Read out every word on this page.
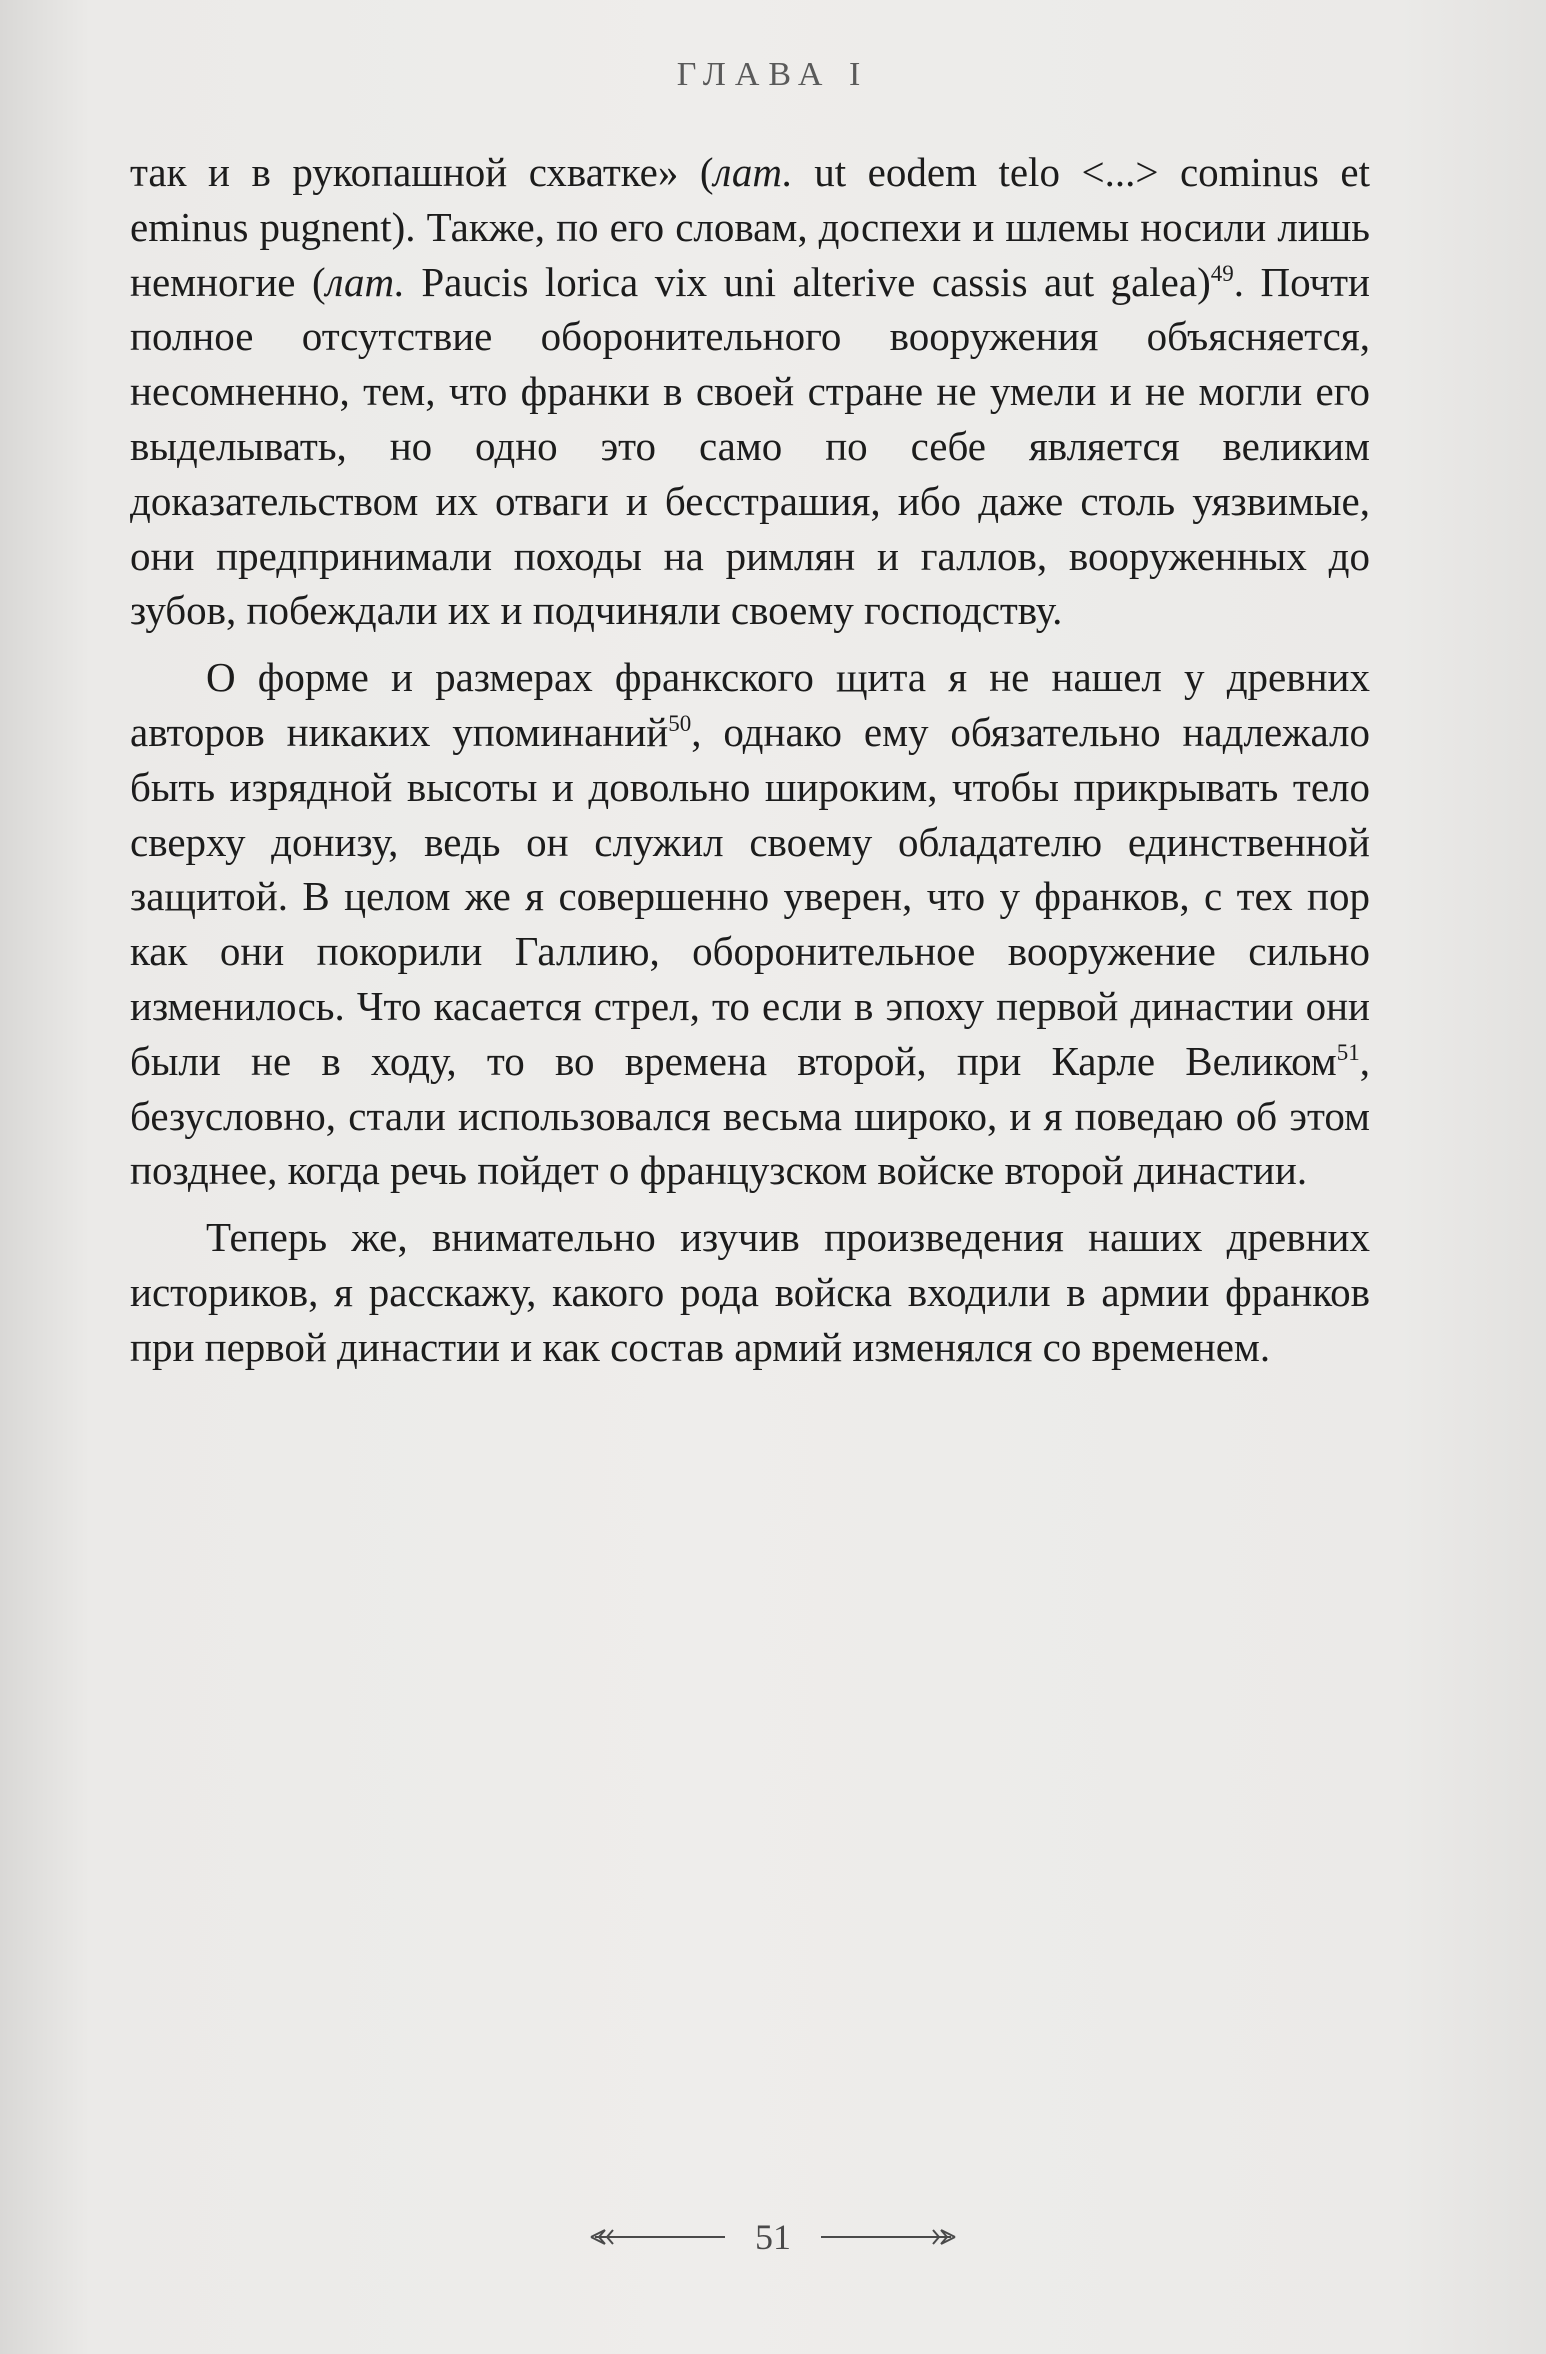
ГЛАВА I

так и в рукопашной схватке» (лат. ut eodem telo <...> cominus et eminus pugnent). Также, по его словам, доспехи и шлемы носили лишь немногие (лат. Paucis lorica vix uni alterive cassis aut galea)$^{49}$. Почти полное отсутствие оборонительного вооружения объясняется, несомненно, тем, что франки в своей стране не умели и не могли его выделывать, но одно это само по себе является великим доказательством их отваги и бесстрашия, ибо даже столь уязвимые, они предпринимали походы на римлян и галлов, вооруженных до зубов, побеждали их и подчиняли своему господству.

О форме и размерах франкского щита я не нашел у древних авторов никаких упоминаний$^{50}$, однако ему обязательно надлежало быть изрядной высоты и довольно широким, чтобы прикрывать тело сверху донизу, ведь он служил своему обладателю единственной защитой. В целом же я совершенно уверен, что у франков, с тех пор как они покорили Галлию, оборонительное вооружение сильно изменилось. Что касается стрел, то если в эпоху первой династии они были не в ходу, то во времена второй, при Карле Великом$^{51}$, безусловно, стали использовался весьма широко, и я поведаю об этом позднее, когда речь пойдет о французском войске второй династии.

Теперь же, внимательно изучив произведения наших древних историков, я расскажу, какого рода войска входили в армии франков при первой династии и как состав армий изменялся со временем.

51
